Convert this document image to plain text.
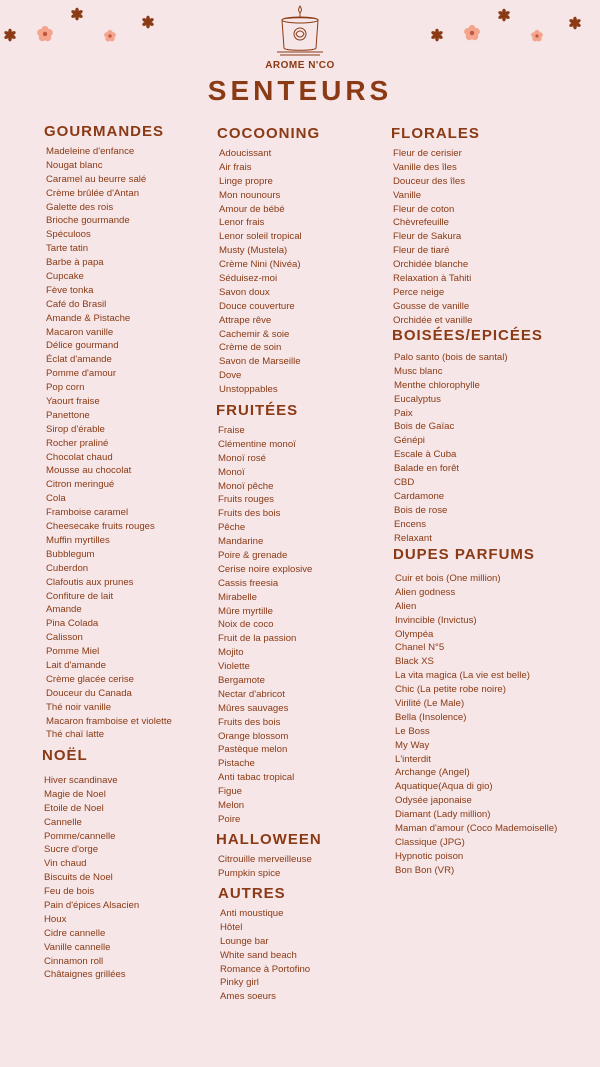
AROME N'CO
SENTEURS
GOURMANDES
Madeleine d'enfance
Nougat blanc
Caramel au beurre salé
Crème brûlée d'Antan
Galette des rois
Brioche gourmande
Spéculoos
Tarte tatin
Barbe à papa
Cupcake
Fève tonka
Café do Brasil
Amande & Pistache
Macaron vanille
Délice gourmand
Éclat d'amande
Pomme d'amour
Pop corn
Yaourt fraise
Panettone
Sirop d'érable
Rocher praliné
Chocolat chaud
Mousse au chocolat
Citron meringué
Cola
Framboise caramel
Cheesecake fruits rouges
Muffin myrtilles
Bubblegum
Cuberdon
Clafoutis aux prunes
Confiture de lait
Amande
Pina Colada
Calisson
Pomme Miel
Lait d'amande
Crème glacée cerise
Douceur du Canada
Thé noir vanille
Macaron framboise et violette
Thé chaï latte
NOËL
Hiver scandinave
Magie de Noel
Etoile de Noel
Cannelle
Pomme/cannelle
Sucre d'orge
Vin chaud
Biscuits de Noel
Feu de bois
Pain d'épices Alsacien
Houx
Cidre cannelle
Vanille cannelle
Cinnamon roll
Châtaignes grillées
COCOONING
Adoucissant
Air frais
Linge propre
Mon nounours
Amour de bébé
Lenor frais
Lenor soleil tropical
Musty (Mustela)
Crème Nini (Nivéa)
Séduisez-moi
Savon doux
Douce couverture
Attrape rêve
Cachemir & soie
Crème de soin
Savon de Marseille
Dove
Unstoppables
FRUITÉES
Fraise
Clémentine monoï
Monoï rosé
Monoï
Monoï pêche
Fruits rouges
Fruits des bois
Pêche
Mandarine
Poire & grenade
Cerise noire explosive
Cassis freesia
Mirabelle
Mûre myrtille
Noix de coco
Fruit de la passion
Mojito
Violette
Bergamote
Nectar d'abricot
Mûres sauvages
Fruits des bois
Orange blossom
Pastèque melon
Pistache
Anti tabac tropical
Figue
Melon
Poire
HALLOWEEN
Citrouille merveilleuse
Pumpkin spice
AUTRES
Anti moustique
Hôtel
Lounge bar
White sand beach
Romance à Portofino
Pinky girl
Ames soeurs
FLORALES
Fleur de cerisier
Vanille des îles
Douceur des îles
Vanille
Fleur de coton
Chèvrefeuille
Fleur de Sakura
Fleur de tiaré
Orchidée blanche
Relaxation à Tahiti
Perce neige
Gousse de vanille
Orchidée et vanille
BOISÉES/EPICÉES
Palo santo (bois de santal)
Musc blanc
Menthe chlorophylle
Eucalyptus
Paix
Bois de Gaïac
Génépi
Escale à Cuba
Balade en forêt
CBD
Cardamone
Bois de rose
Encens
Relaxant
DUPES PARFUMS
Cuir et bois (One million)
Alien godness
Alien
Invincible (Invictus)
Olympéa
Chanel N°5
Black XS
La vita magica (La vie est belle)
Chic (La petite robe noire)
Virilité (Le Male)
Bella (Insolence)
Le Boss
My Way
L'interdit
Archange (Angel)
Aquatique(Aqua di gio)
Odysée japonaise
Diamant (Lady million)
Maman d'amour (Coco Mademoiselle)
Classique (JPG)
Hypnotic poison
Bon Bon (VR)
